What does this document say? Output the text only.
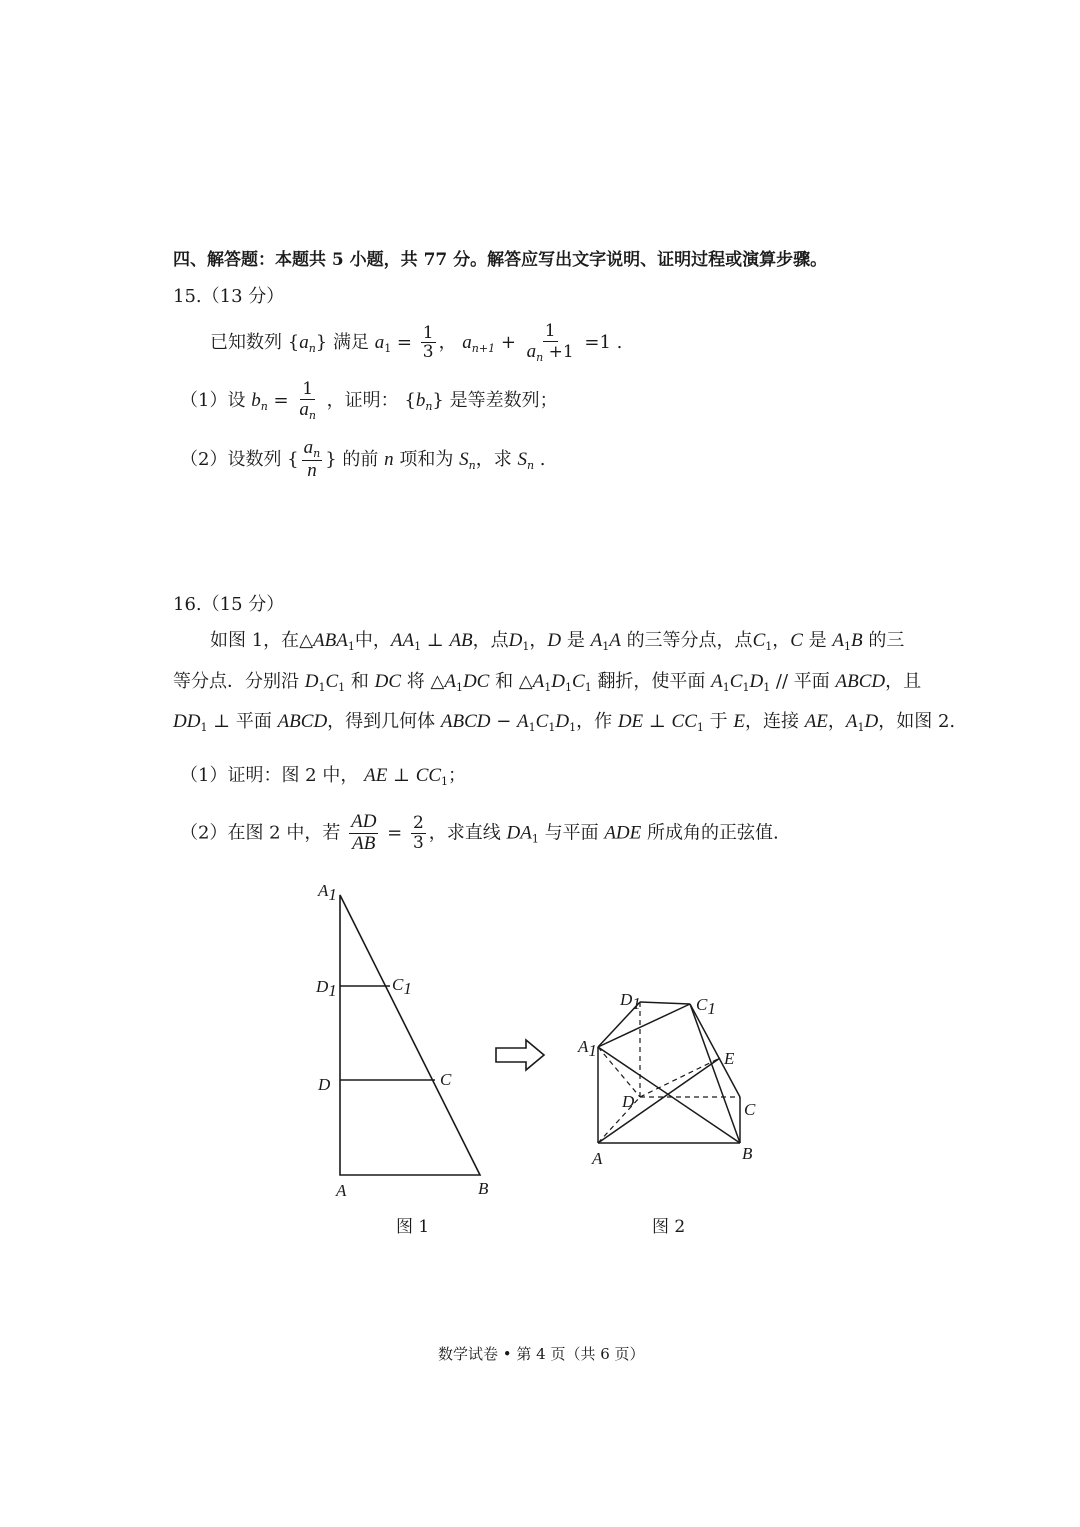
四、解答题：本题共 5 小题，共 77 分。解答应写出文字说明、证明过程或演算步骤。
15.（13 分）
已知数列 $\{a_n\}$ 满足 $a_1 = \frac{1}{3}$ ， $a_{n+1} + \frac{1}{a_n +1} =1$ .
（1）设 $b_n = \frac{1}{a_n}$ ，证明： $\{b_n\}$ 是等差数列；
（2）设数列 { $\frac{a_n}{n}$ } 的前 n 项和为 $S_n$，求 $S_n$ .
16.（15 分）
如图 1，在$\triangle ABA_1$中，$AA_1$ ⊥ AB，点$D_1$，D 是 $A_1A$ 的三等分点，点$C_1$，C 是 $A_1B$ 的三
等分点．分别沿 $D_1C_1$ 和 DC 将 $\triangle A_1DC$ 和 $\triangle A_1D_1C_1$ 翻折，使平面 $A_1C_1D_1$ // 平面 ABCD，且
$DD_1$ ⊥ 平面 ABCD，得到几何体 ABCD − $A_1C_1D_1$，作 DE ⊥ $CC_1$ 于 E，连接 AE，$A_1D$，如图 2.
（1）证明：图 2 中， AE ⊥ $CC_1$；
（2）在图 2 中，若 $\frac{AD}{AB} = \frac{2}{3}$ ，求直线 $DA_1$ 与平面 ADE 所成角的正弦值.
A1
D1	C1
D	C
A	B
图 1
D1	C1
A1	E
D	C
A	B
图 2
数学试卷 • 第 4 页（共 6 页）
